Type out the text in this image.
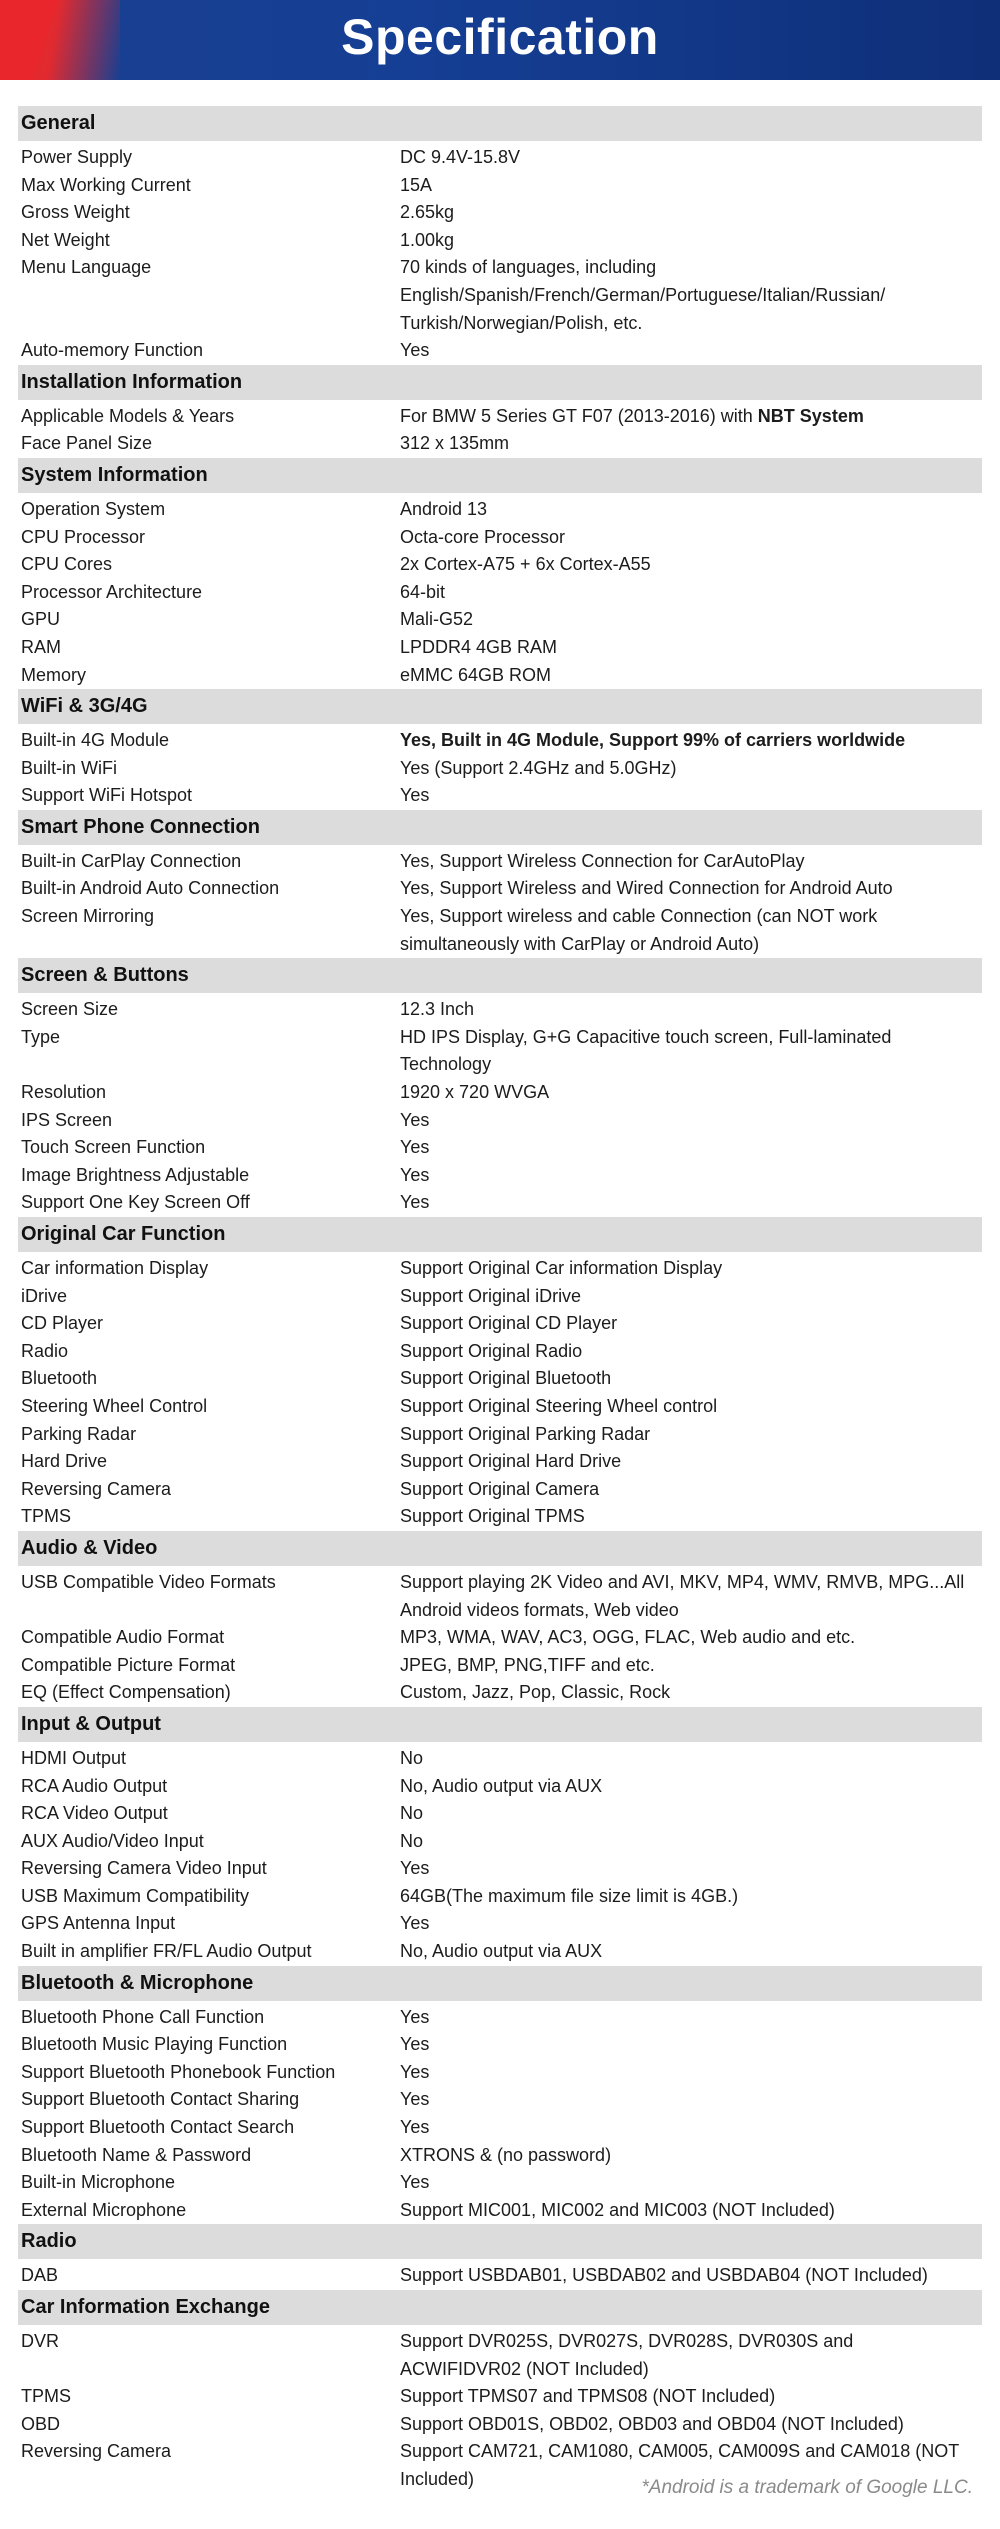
Specification
General
Power Supply	DC 9.4V-15.8V
Max Working Current	15A
Gross Weight	2.65kg
Net Weight	1.00kg
Menu Language	70 kinds of languages, including English/Spanish/French/German/Portuguese/Italian/Russian/ Turkish/Norwegian/Polish, etc.
Auto-memory Function	Yes
Installation Information
Applicable Models & Years	For BMW 5 Series GT F07 (2013-2016) with NBT System
Face Panel Size	312 x 135mm
System Information
Operation System	Android 13
CPU Processor	Octa-core Processor
CPU Cores	2x Cortex-A75 + 6x Cortex-A55
Processor Architecture	64-bit
GPU	Mali-G52
RAM	LPDDR4 4GB RAM
Memory	eMMC 64GB ROM
WiFi & 3G/4G
Built-in 4G Module	Yes, Built in 4G Module, Support 99% of carriers worldwide
Built-in WiFi	Yes (Support 2.4GHz and 5.0GHz)
Support WiFi Hotspot	Yes
Smart Phone Connection
Built-in CarPlay Connection	Yes, Support Wireless Connection for CarAutoPlay
Built-in Android Auto Connection	Yes, Support Wireless and Wired Connection for Android Auto
Screen Mirroring	Yes, Support wireless and cable Connection (can NOT work simultaneously with CarPlay or Android Auto)
Screen & Buttons
Screen Size	12.3 Inch
Type	HD IPS Display, G+G Capacitive touch screen, Full-laminated Technology
Resolution	1920 x 720 WVGA
IPS Screen	Yes
Touch Screen Function	Yes
Image Brightness Adjustable	Yes
Support One Key Screen Off	Yes
Original Car Function
Car information Display	Support Original Car information Display
iDrive	Support Original iDrive
CD Player	Support Original CD Player
Radio	Support Original Radio
Bluetooth	Support Original Bluetooth
Steering Wheel Control	Support Original Steering Wheel control
Parking Radar	Support Original Parking Radar
Hard Drive	Support Original Hard Drive
Reversing Camera	Support Original Camera
TPMS	Support Original TPMS
Audio & Video
USB Compatible Video Formats	Support playing 2K Video and AVI, MKV, MP4, WMV, RMVB, MPG...All Android videos formats, Web video
Compatible Audio Format	MP3, WMA, WAV, AC3, OGG, FLAC, Web audio and etc.
Compatible Picture Format	JPEG, BMP, PNG,TIFF and etc.
EQ (Effect Compensation)	Custom, Jazz, Pop, Classic, Rock
Input & Output
HDMI Output	No
RCA Audio Output	No, Audio output via AUX
RCA Video Output	No
AUX Audio/Video Input	No
Reversing Camera Video Input	Yes
USB Maximum Compatibility	64GB(The maximum file size limit is 4GB.)
GPS Antenna Input	Yes
Built in amplifier FR/FL Audio Output	No, Audio output via AUX
Bluetooth & Microphone
Bluetooth Phone Call Function	Yes
Bluetooth Music Playing Function	Yes
Support Bluetooth Phonebook Function	Yes
Support Bluetooth Contact Sharing	Yes
Support Bluetooth Contact Search	Yes
Bluetooth Name & Password	XTRONS & (no password)
Built-in Microphone	Yes
External Microphone	Support MIC001, MIC002 and MIC003 (NOT Included)
Radio
DAB	Support USBDAB01, USBDAB02 and USBDAB04 (NOT Included)
Car Information Exchange
DVR	Support DVR025S, DVR027S, DVR028S, DVR030S and ACWIFIDVR02 (NOT Included)
TPMS	Support TPMS07 and TPMS08 (NOT Included)
OBD	Support OBD01S, OBD02, OBD03 and OBD04 (NOT Included)
Reversing Camera	Support CAM721, CAM1080, CAM005, CAM009S and CAM018 (NOT Included)	*Android is a trademark of Google LLC.
